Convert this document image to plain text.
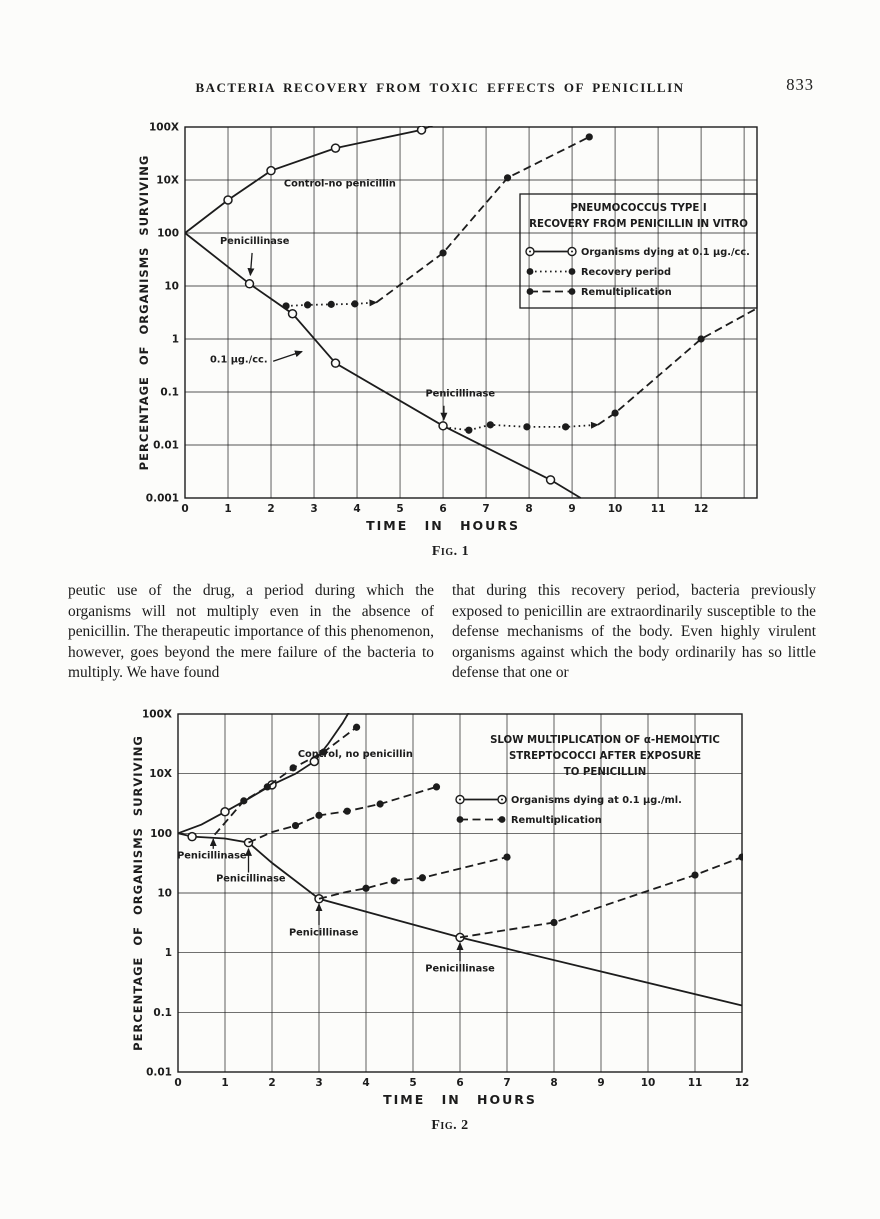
BACTERIA RECOVERY FROM TOXIC EFFECTS OF PENICILLIN	833
0	1	2	3	4	5	6	7	8	9	10	11	12
100X
10X
100
10
1
0.1
0.01
0.001
TIME IN HOURS
PERCENTAGE OF ORGANISMS SURVIVING	Control-no penicillin
Penicillinase
0.1 μg./cc.
Penicillinase
PNEUMOCOCCUS TYPE I
RECOVERY FROM PENICILLIN IN VITRO
Organisms dying at 0.1 μg./cc.
Recovery period
Remultiplication
Fig. 1

peutic use of the drug, a period during which the organisms will not multiply even in the absence of penicillin. The therapeutic importance of this phenomenon, however, goes beyond the mere failure of the bacteria to multiply. We have found

that during this recovery period, bacteria previously exposed to penicillin are extraordinarily susceptible to the defense mechanisms of the body. Even highly virulent organisms against which the body ordinarily has so little defense that one or

0	1	2	3	4	5	6	7	8	9	10	11	12
100X
10X
100
10
1
0.1
0.01
TIME IN HOURS
PERCENTAGE OF ORGANISMS SURVIVING	Control, no penicillin
Penicillinase
Penicillinase
Penicillinase
Penicillinase
SLOW MULTIPLICATION OF α-HEMOLYTIC
STREPTOCOCCI AFTER EXPOSURE
TO PENICILLIN
Organisms dying at 0.1 μg./ml.
Remultiplication
Fig. 2
